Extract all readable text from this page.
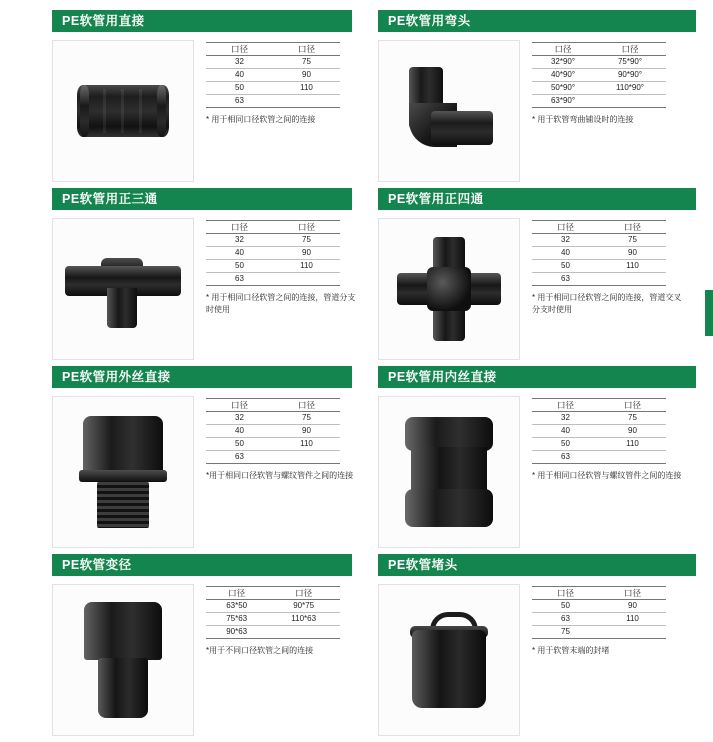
PE软管用直接
口径	口径
32	75
40	90
50	110
63	
* 用于相同口径软管之间的连接
PE软管用弯头
口径	口径
32*90°	75*90°
40*90°	90*90°
50*90°	110*90°
63*90°	
* 用于软管弯曲铺设时的连接
PE软管用正三通
口径	口径
32	75
40	90
50	110
63	
* 用于相同口径软管之间的连接，管道分支时使用
PE软管用正四通
口径	口径
32	75
40	90
50	110
63	
* 用于相同口径软管之间的连接，管道交叉分支时使用
PE软管用外丝直接
口径	口径
32	75
40	90
50	110
63	
*用于相同口径软管与螺纹管件之间的连接
PE软管用内丝直接
口径	口径
32	75
40	90
50	110
63	
* 用于相同口径软管与螺纹管件之间的连接
PE软管变径
口径	口径
63*50	90*75
75*63	110*63
90*63	
*用于不同口径软管之间的连接
PE软管堵头
口径	口径
50	90
63	110
75	
* 用于软管末端的封堵
